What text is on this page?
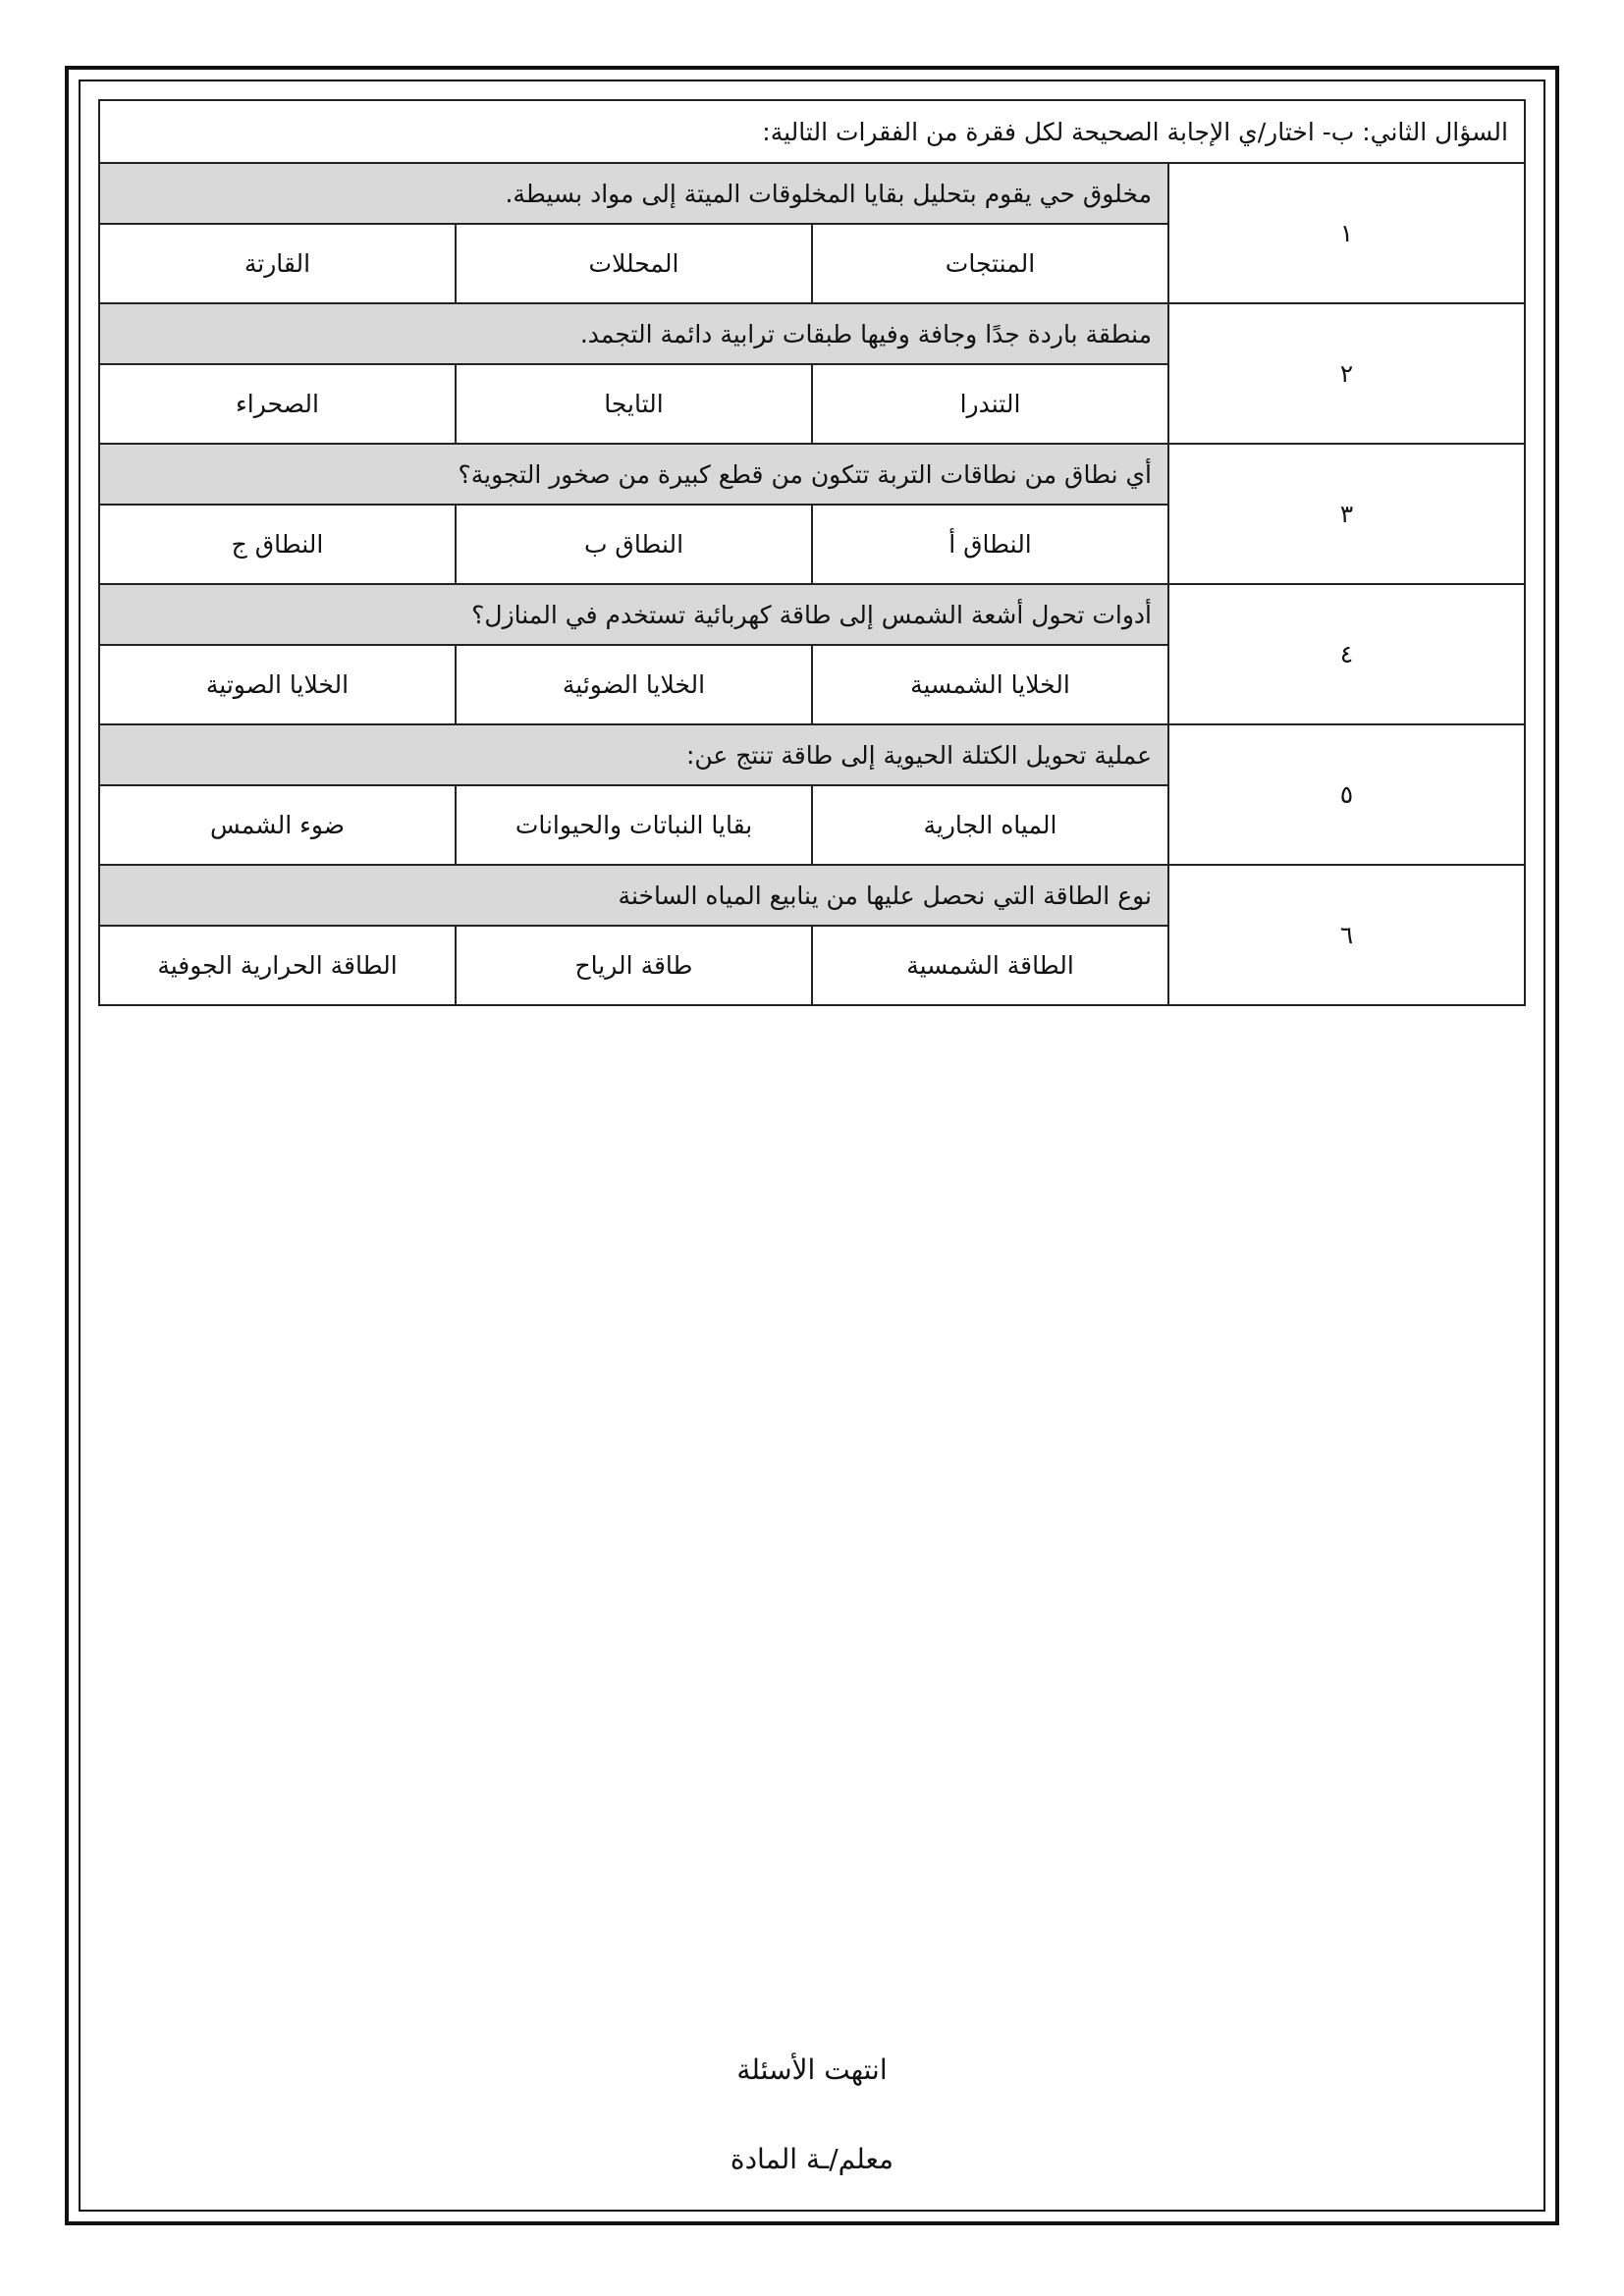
السؤال الثاني: ب- اختار/ي الإجابة الصحيحة لكل فقرة من الفقرات التالية:			
١	مخلوق حي يقوم بتحليل بقايا المخلوقات الميتة إلى مواد بسيطة.		
	المنتجات	المحللات	القارتة
٢	منطقة باردة جدًا وجافة وفيها طبقات ترابية دائمة التجمد.		
	التندرا	التايجا	الصحراء
٣	أي نطاق من نطاقات التربة تتكون من قطع كبيرة من صخور التجوية؟		
	النطاق أ	النطاق ب	النطاق ج
٤	أدوات تحول أشعة الشمس إلى طاقة كهربائية تستخدم في المنازل؟		
	الخلايا الشمسية	الخلايا الضوئية	الخلايا الصوتية
٥	عملية تحويل الكتلة الحيوية إلى طاقة تنتج عن:		
	المياه الجارية	بقايا النباتات والحيوانات	ضوء الشمس
٦	نوع الطاقة التي نحصل عليها من ينابيع المياه الساخنة		
	الطاقة الشمسية	طاقة الرياح	الطاقة الحرارية الجوفية
انتهت الأسئلة
معلم/ـة المادة
